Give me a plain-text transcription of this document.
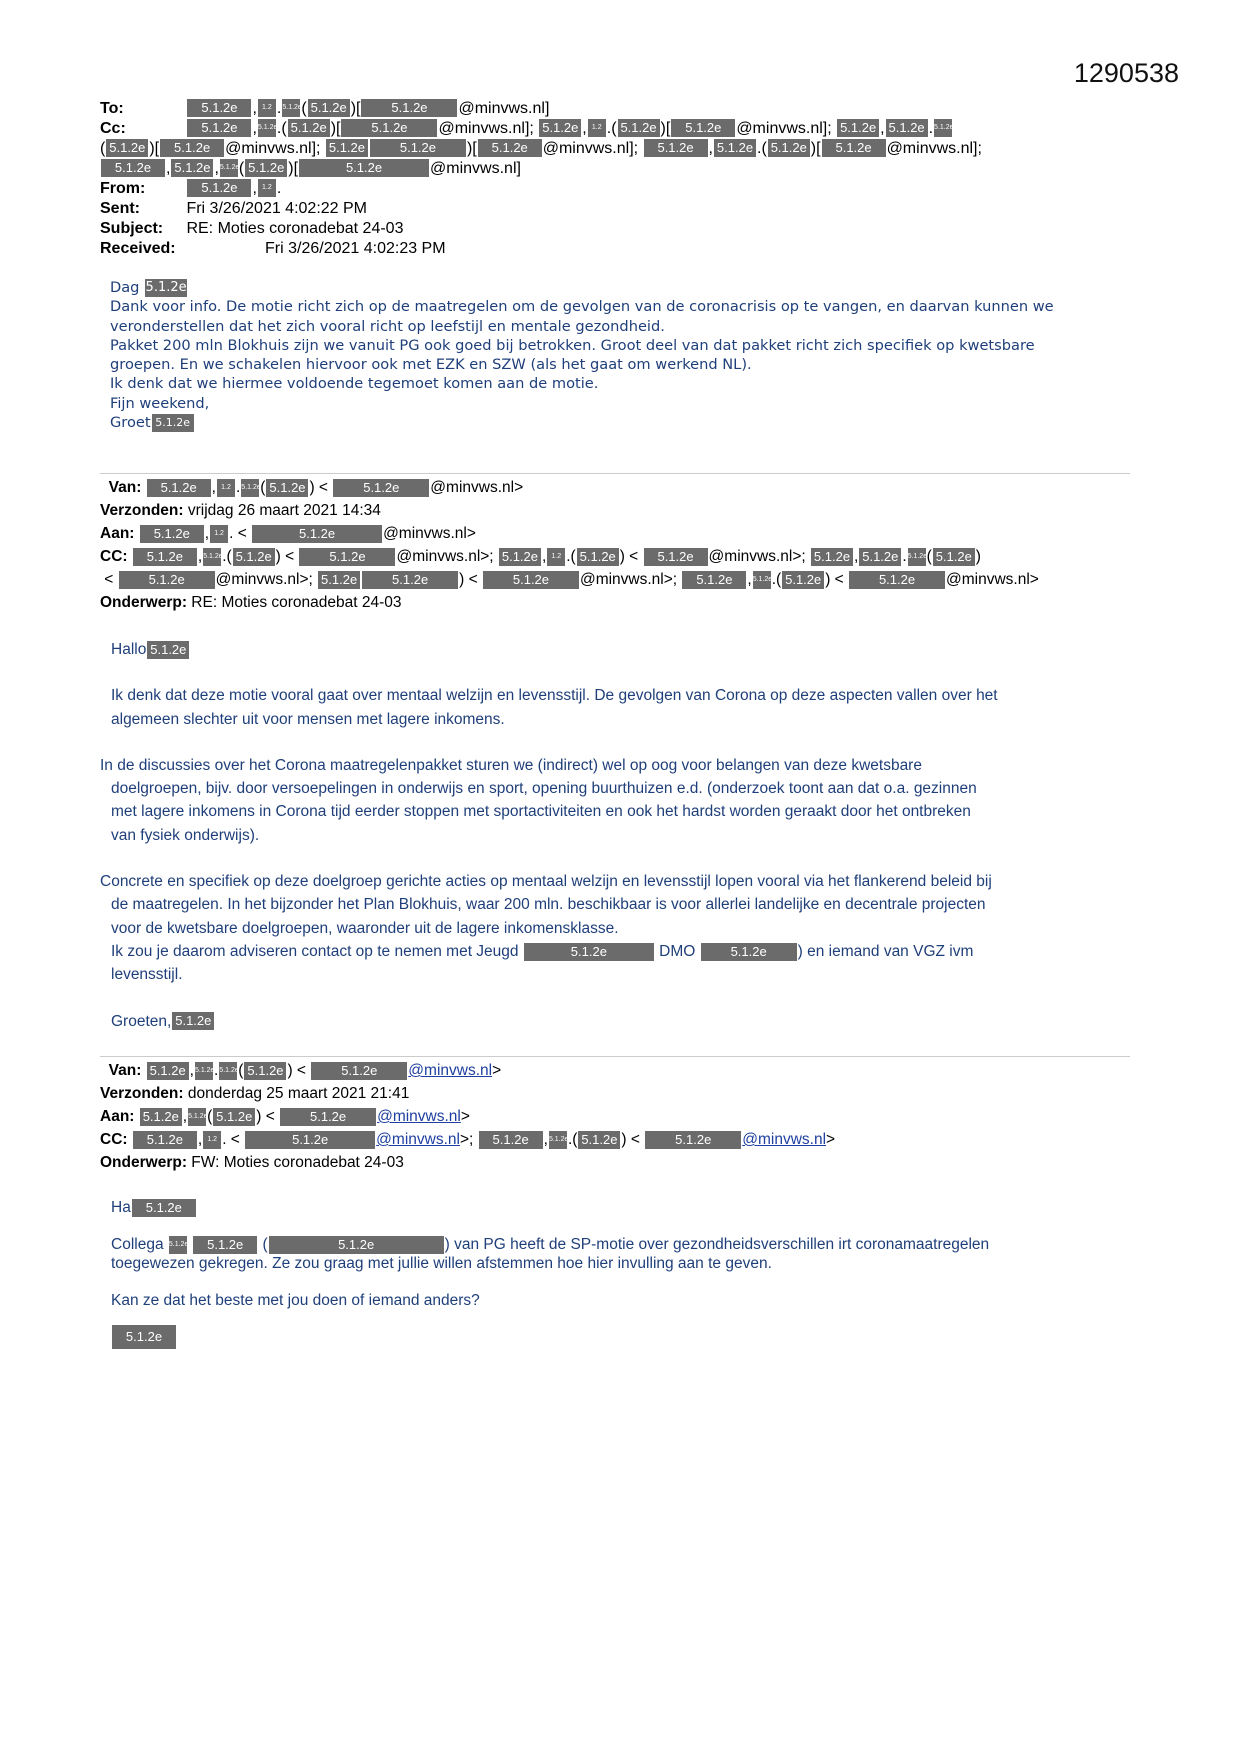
1290538
To:
	5.1.2e , 1.2 . 5.1.2e ( 5.1.2e )[	5.1.2e	@minvws.nl]
Cc:
	5.1.2e , 5.1.2e .( 5.1.2e )[	5.1.2e	@minvws.nl];
5.1.2e , 1.2 .( 5.1.2e )[	5.1.2e @minvws.nl];
5.1.2e , 5.1.2e . 5.1.2e
( 5.1.2e )[	5.1.2e @minvws.nl];
5.1.2e	5.1.2e	)[	5.1.2e @minvws.nl];
	5.1.2e , 5.1.2e .( 5.1.2e )[	5.1.2e @minvws.nl];
5.1.2e , 5.1.2e , 5.1.2e ( 5.1.2e )[	5.1.2e	@minvws.nl]
From:
	5.1.2e , 1.2 .
Sent:
	Fri 3/26/2021 4:02:22 PM
Subject:
	RE: Moties coronadebat 24-03
Received:	Fri 3/26/2021 4:02:23 PM
Dag 5.1.2e
Dank voor info. De motie richt zich op de maatregelen om de gevolgen van de coronacrisis op te vangen, en daarvan kunnen we
veronderstellen dat het zich vooral richt op leefstijl en mentale gezondheid.
Pakket 200 mln Blokhuis zijn we vanuit PG ook goed bij betrokken. Groot deel van dat pakket richt zich specifiek op kwetsbare
groepen. En we schakelen hiervoor ook met EZK en SZW (als het gaat om werkend NL).
Ik denk dat we hiermee voldoende tegemoet komen aan de motie.
Fijn weekend,
Groet 5.1.2e
Van: 5.1.2e , 1.2 .5.1.2e( 5.1.2e ) < 5.1.2e @minvws.nl>
Verzonden: vrijdag 26 maart 2021 14:34
Aan: 5.1.2e , 1.2 . <	5.1.2e	@minvws.nl>
CC: 5.1.2e ,5.1.2e.( 5.1.2e ) < 5.1.2e @minvws.nl>; 5.1.2e , 1.2 .( 5.1.2e ) < 5.1.2e @minvws.nl>; 5.1.2e , 5.1.2e .5.1.2e( 5.1.2e )
< 5.1.2e @minvws.nl>; 5.1.2e	5.1.2e ) < 5.1.2e @minvws.nl>; 5.1.2e ,5.1.2e.( 5.1.2e ) < 5.1.2e @minvws.nl>
Onderwerp: RE: Moties coronadebat 24-03
Hallo 5.1.2e
Ik denk dat deze motie vooral gaat over mentaal welzijn en levensstijl. De gevolgen van Corona op deze aspecten vallen over het
algemeen slechter uit voor mensen met lagere inkomens.
In de discussies over het Corona maatregelenpakket sturen we (indirect) wel op oog voor belangen van deze kwetsbare
doelgroepen, bijv. door versoepelingen in onderwijs en sport, opening buurthuizen e.d. (onderzoek toont aan dat o.a. gezinnen
met lagere inkomens in Corona tijd eerder stoppen met sportactiviteiten en ook het hardst worden geraakt door het ontbreken
van fysiek onderwijs).
Concrete en specifiek op deze doelgroep gerichte acties op mentaal welzijn en levensstijl lopen vooral via het flankerend beleid bij
de maatregelen. In het bijzonder het Plan Blokhuis, waar 200 mln. beschikbaar is voor allerlei landelijke en decentrale projecten
voor de kwetsbare doelgroepen, waaronder uit de lagere inkomensklasse.
Ik zou je daarom adviseren contact op te nemen met Jeugd	5.1.2e	DMO	5.1.2e ) en iemand van VGZ ivm
levensstijl.
Groeten, 5.1.2e
Van: 5.1.2e ,5.1.2e.5.1.2e( 5.1.2e ) < 5.1.2e @minvws.nl>
Verzonden: donderdag 25 maart 2021 21:41
Aan: 5.1.2e ,5.1.2e( 5.1.2e ) < 5.1.2e @minvws.nl>
CC: 5.1.2e , 1.2 . <	5.1.2e	@minvws.nl>; 5.1.2e ,5.1.2e.( 5.1.2e ) < 5.1.2e @minvws.nl>
Onderwerp: FW: Moties coronadebat 24-03
Ha 5.1.2e
Collega 5.1.2e 5.1.2e (	5.1.2e	) van PG heeft de SP-motie over gezondheidsverschillen irt coronamaatregelen
toegewezen gekregen. Ze zou graag met jullie willen afstemmen hoe hier invulling aan te geven.
Kan ze dat het beste met jou doen of iemand anders?
5.1.2e
